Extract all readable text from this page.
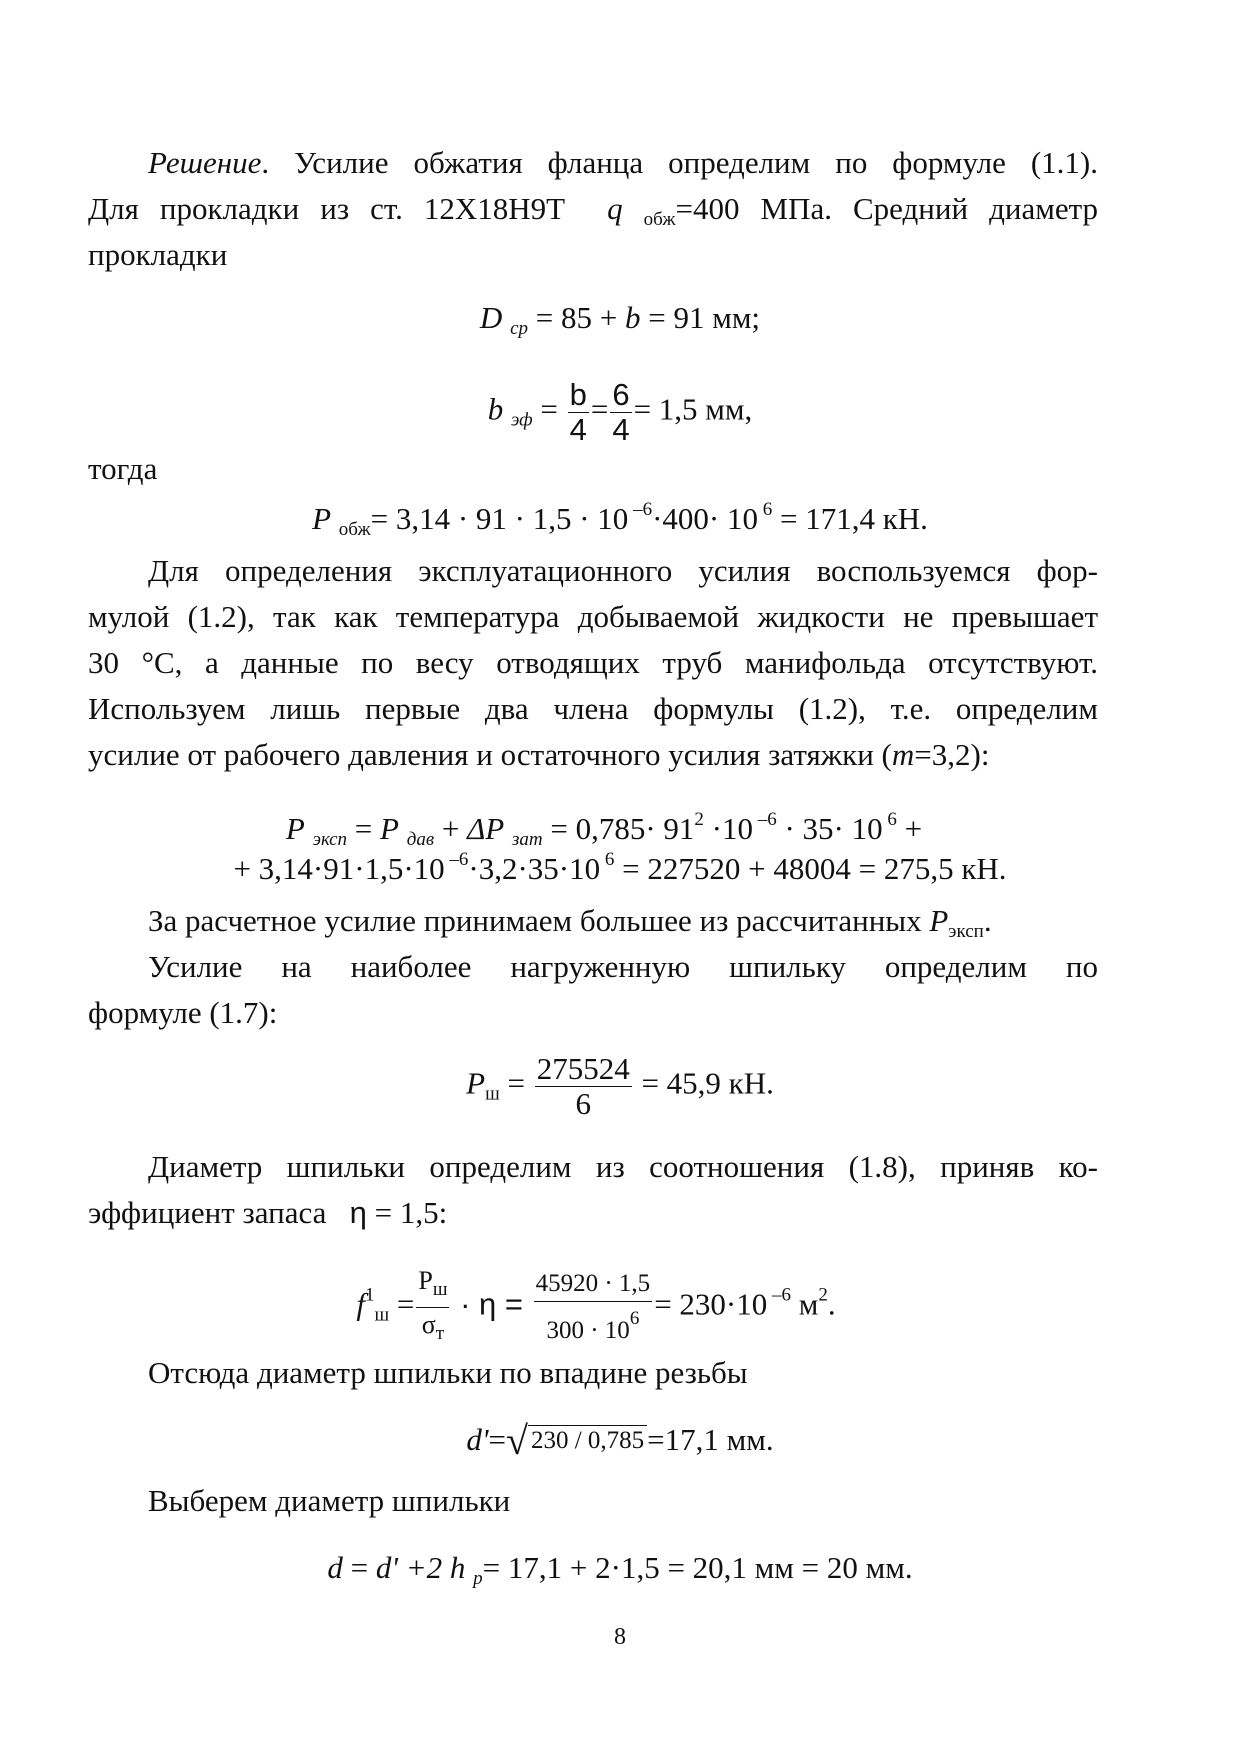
Решение. Усилие обжатия фланца определим по формуле (1.1).

Для прокладки из ст. 12Х18Н9Т q $_{обж}$=400 МПа. Средний диаметр

прокладки

D $_{ср}$ = 85 + b = 91 мм;
b $_{эф} = \frac{b}{4} = \frac{6}{4} = 1,5$ мм,

тогда

P $_{обж}$= 3,14 · 91 · 1,5 · 10 $^{-6}$·400· 10 $^6$ = 171,4 кН.

Для определения эксплуатационного усилия воспользуемся фор-

мулой (1.2), так как температура добываемой жидкости не превышает

30 °С, а данные по весу отводящих труб манифольда отсутствуют.

Используем лишь первые два члена формулы (1.2), т.е. определим

усилие от рабочего давления и остаточного усилия затяжки (m=3,2):

P $_{эксп}$ = P $_{дав}$ + ΔP $_{зат} = 0,785\cdot 91^2 \cdot 10$ $^{-6}$ · 35· 10 $^6$ +
+ 3,14·91·1,5·10 $^{-6}$·3,2·35·10 $^6$ = 227520 + 48004 = 275,5 кН.

За расчетное усилие принимаем большее из рассчитанных $P_{эксп}$.

Усилие на наиболее нагруженную шпильку определим по

формуле (1.7):

$P_ш = \frac{275524}{6} = 45,9$ кН.

Диаметр шпильки определим из соотношения (1.8), приняв ко-

эффициент запаса η = 1,5:

$f^1_ш = \frac{P_ш}{\sigma_т} \cdot \eta = \frac{45920 \cdot 1,5}{300 \cdot 10^6} = 230\cdot 10$ $^{-6}$ $м^2$.

Отсюда диаметр шпильки по впадине резьбы

d'=√ 230 / 0,785=17,1 мм.

Выберем диаметр шпильки

d = d' +2 h $_р$= 17,1 + 2·1,5 = 20,1 мм = 20 мм.
8
